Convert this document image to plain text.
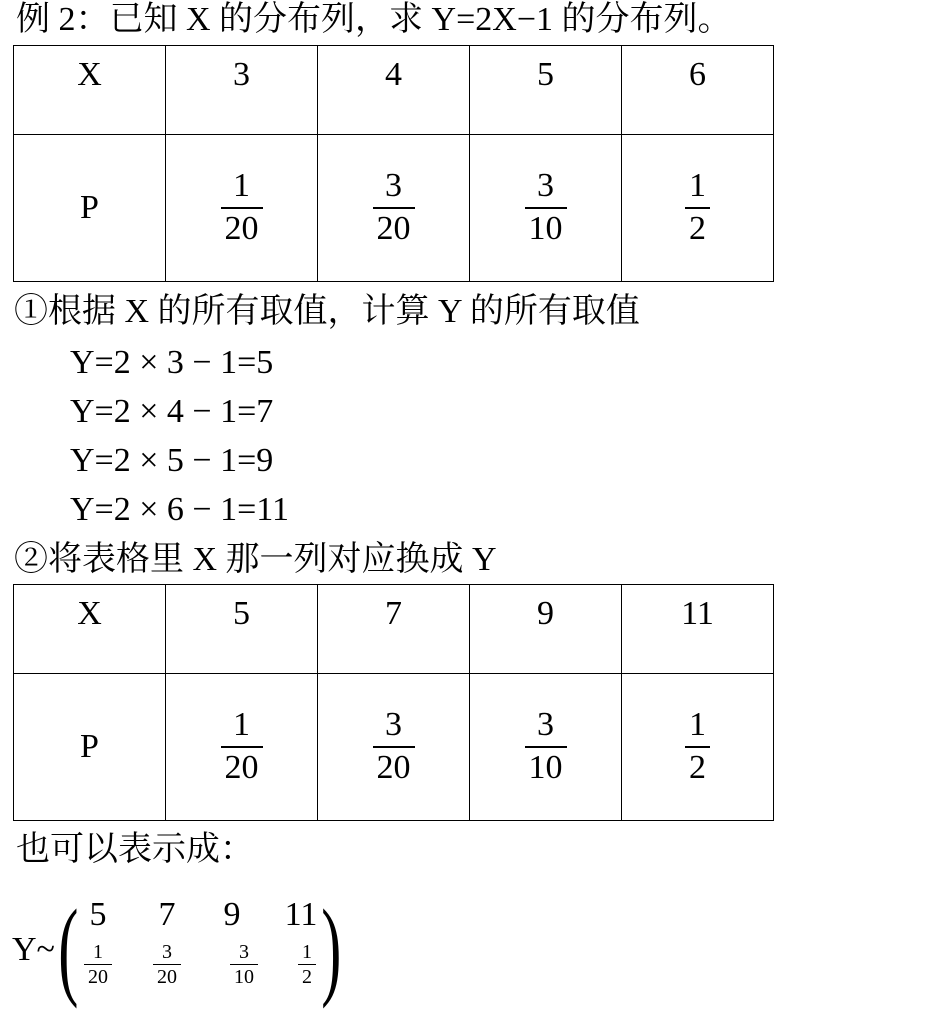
例 2：已知 X 的分布列，求 Y=2X−1 的分布列。
X	3	4	5	6
P	$\frac{1}{20}$	$\frac{3}{20}$	$\frac{3}{10}$	$\frac{1}{2}$
①根据 X 的所有取值，计算 Y 的所有取值
Y=2 × 3 − 1=5
Y=2 × 4 − 1=7
Y=2 × 5 − 1=9
Y=2 × 6 − 1=11
②将表格里 X 那一列对应换成 Y
X	5	7	9	11
P	$\frac{1}{20}$	$\frac{3}{20}$	$\frac{3}{10}$	$\frac{1}{2}$
也可以表示成：
Y~ ( )
5	7	9	11
$\frac{1}{20} \frac{3}{20} \frac{3}{10} \frac{1}{2}$
